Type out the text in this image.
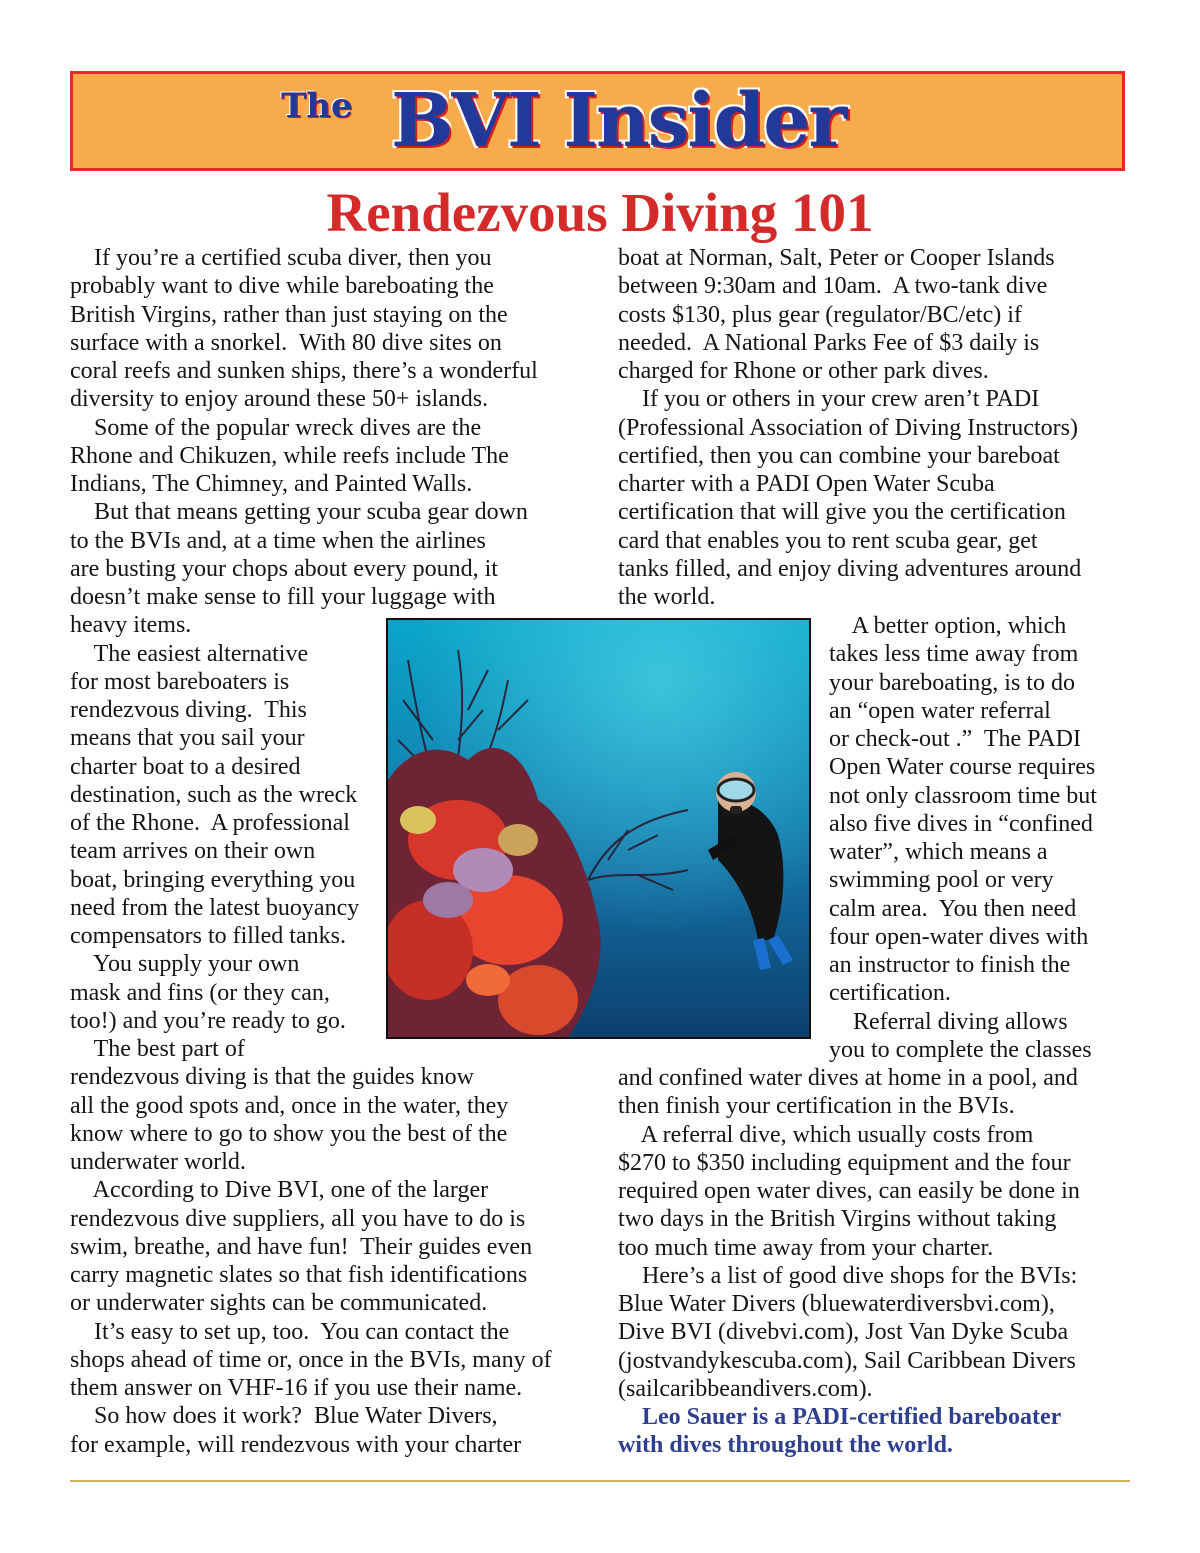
The BVI Insider
Rendezvous Diving 101
If you’re a certified scuba diver, then you
probably want to dive while bareboating the
British Virgins, rather than just staying on the
surface with a snorkel.  With 80 dive sites on
coral reefs and sunken ships, there’s a wonderful
diversity to enjoy around these 50+ islands.
Some of the popular wreck dives are the
Rhone and Chikuzen, while reefs include The
Indians, The Chimney, and Painted Walls.
But that means getting your scuba gear down
to the BVIs and, at a time when the airlines
are busting your chops about every pound, it
doesn’t make sense to fill your luggage with
heavy items.
The easiest alternative
for most bareboaters is
rendezvous diving.  This
means that you sail your
charter boat to a desired
destination, such as the wreck
of the Rhone.  A professional
team arrives on their own
boat, bringing everything you
need from the latest buoyancy
compensators to filled tanks.
You supply your own
mask and fins (or they can,
too!) and you’re ready to go.
The best part of
rendezvous diving is that the guides know
all the good spots and, once in the water, they
know where to go to show you the best of the
underwater world.
According to Dive BVI, one of the larger
rendezvous dive suppliers, all you have to do is
swim, breathe, and have fun!  Their guides even
carry magnetic slates so that fish identifications
or underwater sights can be communicated.
It’s easy to set up, too.  You can contact the
shops ahead of time or, once in the BVIs, many of
them answer on VHF-16 if you use their name.
So how does it work?  Blue Water Divers,
for example, will rendezvous with your charter
boat at Norman, Salt, Peter or Cooper Islands
between 9:30am and 10am.  A two-tank dive
costs $130, plus gear (regulator/BC/etc) if
needed.  A National Parks Fee of $3 daily is
charged for Rhone or other park dives.
If you or others in your crew aren’t PADI
(Professional Association of Diving Instructors)
certified, then you can combine your bareboat
charter with a PADI Open Water Scuba
certification that will give you the certification
card that enables you to rent scuba gear, get
tanks filled, and enjoy diving adventures around
the world.
A better option, which
takes less time away from
your bareboating, is to do
an “open water referral
or check-out .”  The PADI
Open Water course requires
not only classroom time but
also five dives in “confined
water”, which means a
swimming pool or very
calm area.  You then need
four open-water dives with
an instructor to finish the
certification.
Referral diving allows
you to complete the classes
and confined water dives at home in a pool, and
then finish your certification in the BVIs.
A referral dive, which usually costs from
$270 to $350 including equipment and the four
required open water dives, can easily be done in
two days in the British Virgins without taking
too much time away from your charter.
Here’s a list of good dive shops for the BVIs:
Blue Water Divers (bluewaterdiversbvi.com),
Dive BVI (divebvi.com), Jost Van Dyke Scuba
(jostvandykescuba.com), Sail Caribbean Divers
(sailcaribbeandivers.com).
Leo Sauer is a PADI-certified bareboater
with dives throughout the world.
